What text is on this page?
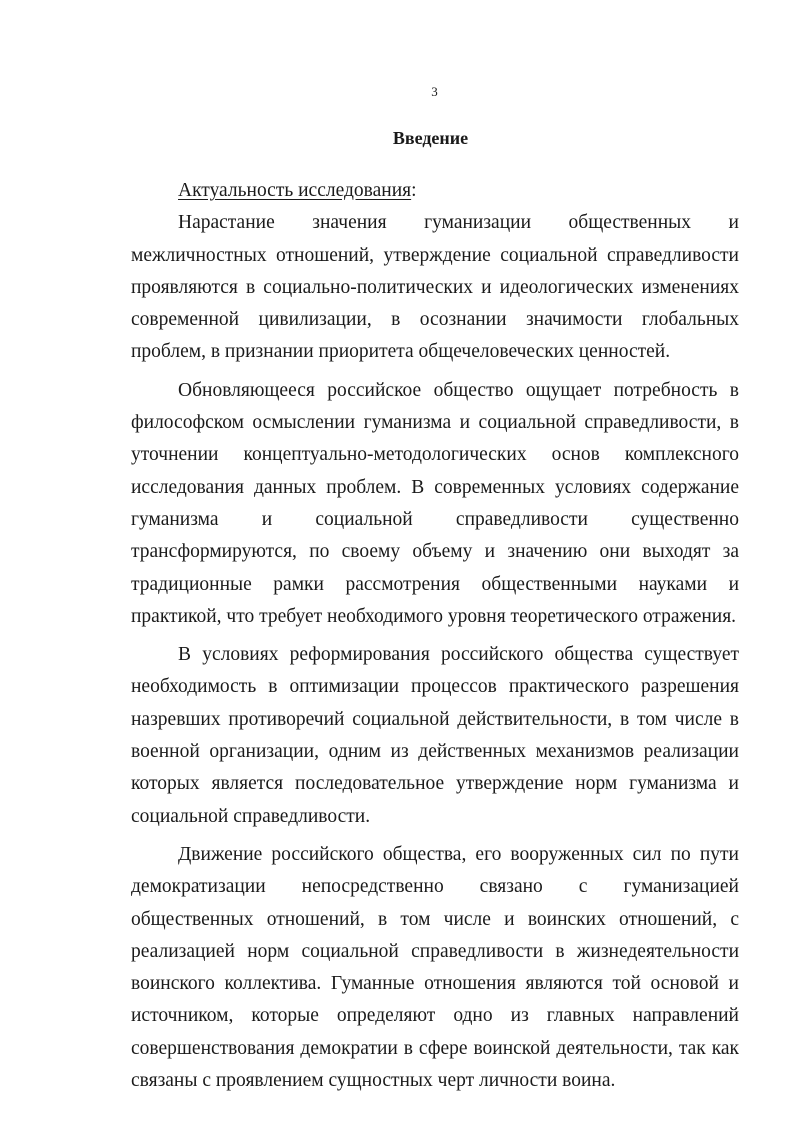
3
Введение

Актуальность исследования:

Нарастание значения гуманизации общественных и межличностных отношений, утверждение социальной справедливости проявляются в социально-политических и идеологических изменениях современной цивилизации, в осознании значимости глобальных проблем, в признании приоритета общечеловеческих ценностей.

Обновляющееся российское общество ощущает потребность в философском осмыслении гуманизма и социальной справедливости, в уточнении концептуально-методологических основ комплексного исследования данных проблем. В современных условиях содержание гуманизма и социальной справедливости существенно трансформируются, по своему объему и значению они выходят за традиционные рамки рассмотрения общественными науками и практикой, что требует необходимого уровня теоретического отражения.

В условиях реформирования российского общества существует необходимость в оптимизации процессов практического разрешения назревших противоречий социальной действительности, в том числе в военной организации, одним из действенных механизмов реализации которых является последовательное утверждение норм гуманизма и социальной справедливости.

Движение российского общества, его вооруженных сил по пути демократизации непосредственно связано с гуманизацией общественных отношений, в том числе и воинских отношений, с реализацией норм социальной справедливости в жизнедеятельности воинского коллектива. Гуманные отношения являются той основой и источником, которые определяют одно из главных направлений совершенствования демократии в сфере воинской деятельности, так как связаны с проявлением сущностных черт личности воина.
